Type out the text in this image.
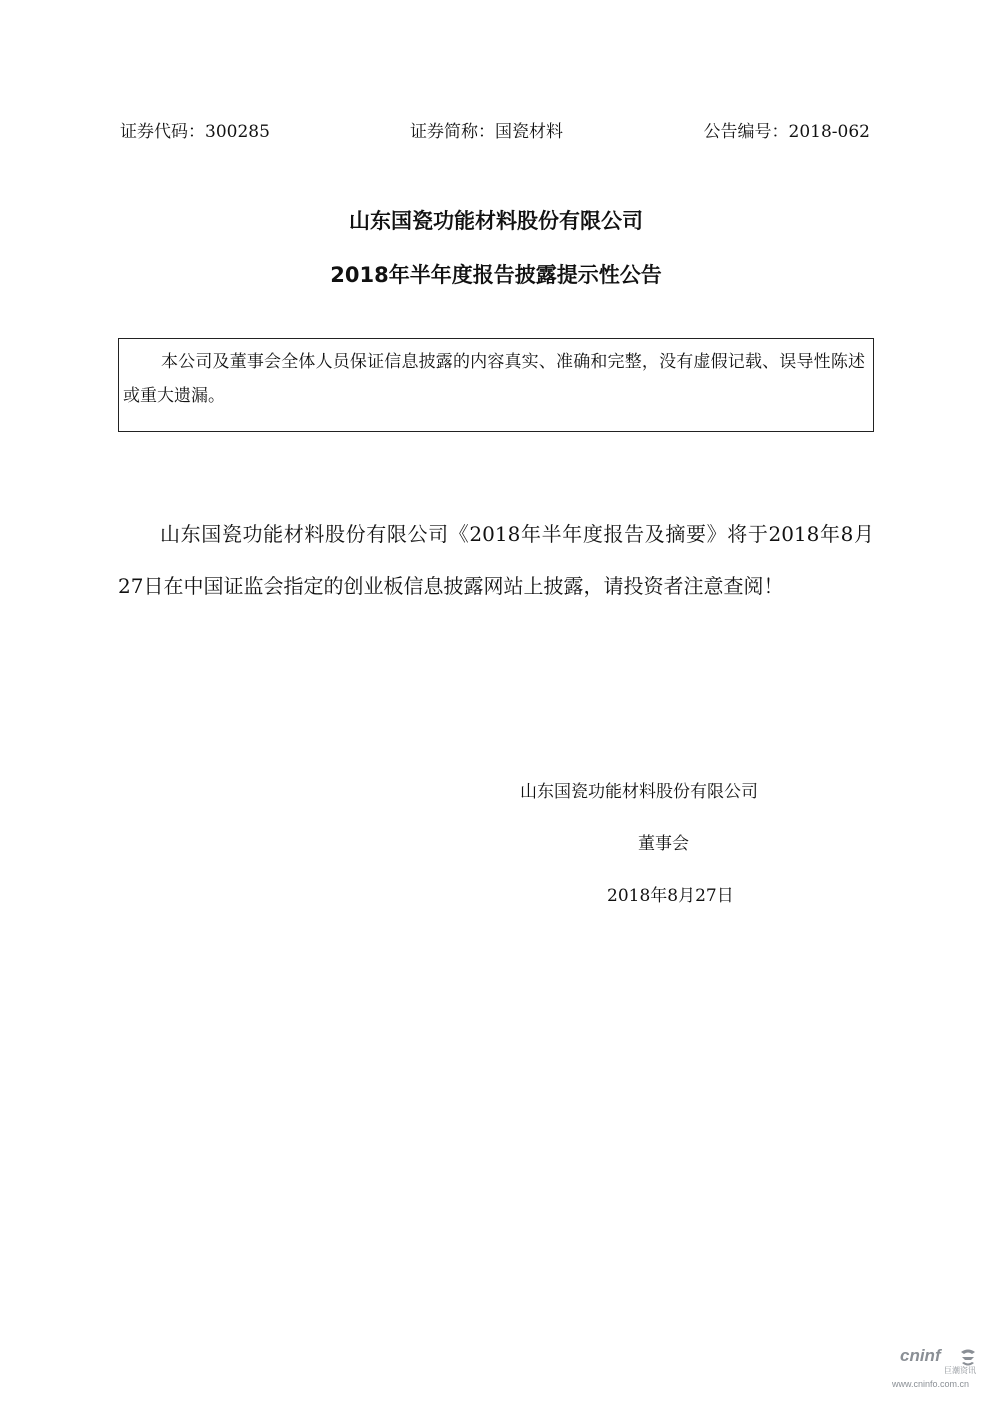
证券代码：300285	证券简称：国瓷材料	公告编号：2018-062
山东国瓷功能材料股份有限公司
2018年半年度报告披露提示性公告
本公司及董事会全体人员保证信息披露的内容真实、准确和完整，没有虚假记载、误导性陈述或重大遗漏。

山东国瓷功能材料股份有限公司《2018年半年度报告及摘要》将于2018年8月27日在中国证监会指定的创业板信息披露网站上披露，请投资者注意查阅！

山东国瓷功能材料股份有限公司
董事会
2018年8月27日
cninf
巨潮资讯
www.cninfo.com.cn
